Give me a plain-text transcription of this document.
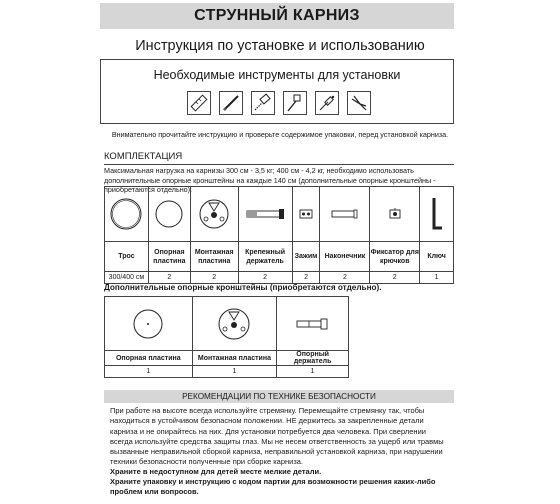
СТРУННЫЙ КАРНИЗ
Инструкция по установке и использованию
Необходимые инструменты для установки
Внимательно прочитайте инструкцию и проверьте содержимое упаковки, перед установкой карниза.
КОМПЛЕКТАЦИЯ
Максимальная нагрузка на карнизы 300 см - 3,5 кг; 400 см - 4,2 кг, необходимо использовать дополнительные опорные кронштейны на каждые 140 см (дополнительные опорные кронштейны - приобретаются отдельно).

Трос	Опорная пластина	Монтажная пластина	Крепежный держатель	Зажим	Наконечник	Фиксатор для крючков	Ключ
300/400 см	2	2	2	2	2	2	1
Дополнительные опорные кронштейны (приобретаются отдельно).

Опорная пластина	Монтажная пластина	Опорный держатель
1	1	1
РЕКОМЕНДАЦИИ ПО ТЕХНИКЕ БЕЗОПАСНОСТИ
При работе на высоте всегда используйте стремянку. Перемещайте стремянку так, чтобы находиться в устойчивом безопасном положении. НЕ держитесь за закрепленные детали карниза и не опирайтесь на них. Для установки потребуется два человека. При сверлении всегда используйте средства защиты глаз. Мы не несем ответственность за ущерб или травмы вызванные неправильной сборкой карниза, неправильной установкой карниза, при нарушении техники безопасности полученные при сборке карниза.
Храните в недоступном для детей месте мелкие детали.
Храните упаковку и инструкцию с кодом партии для возможности решения каких-либо проблем или вопросов.
